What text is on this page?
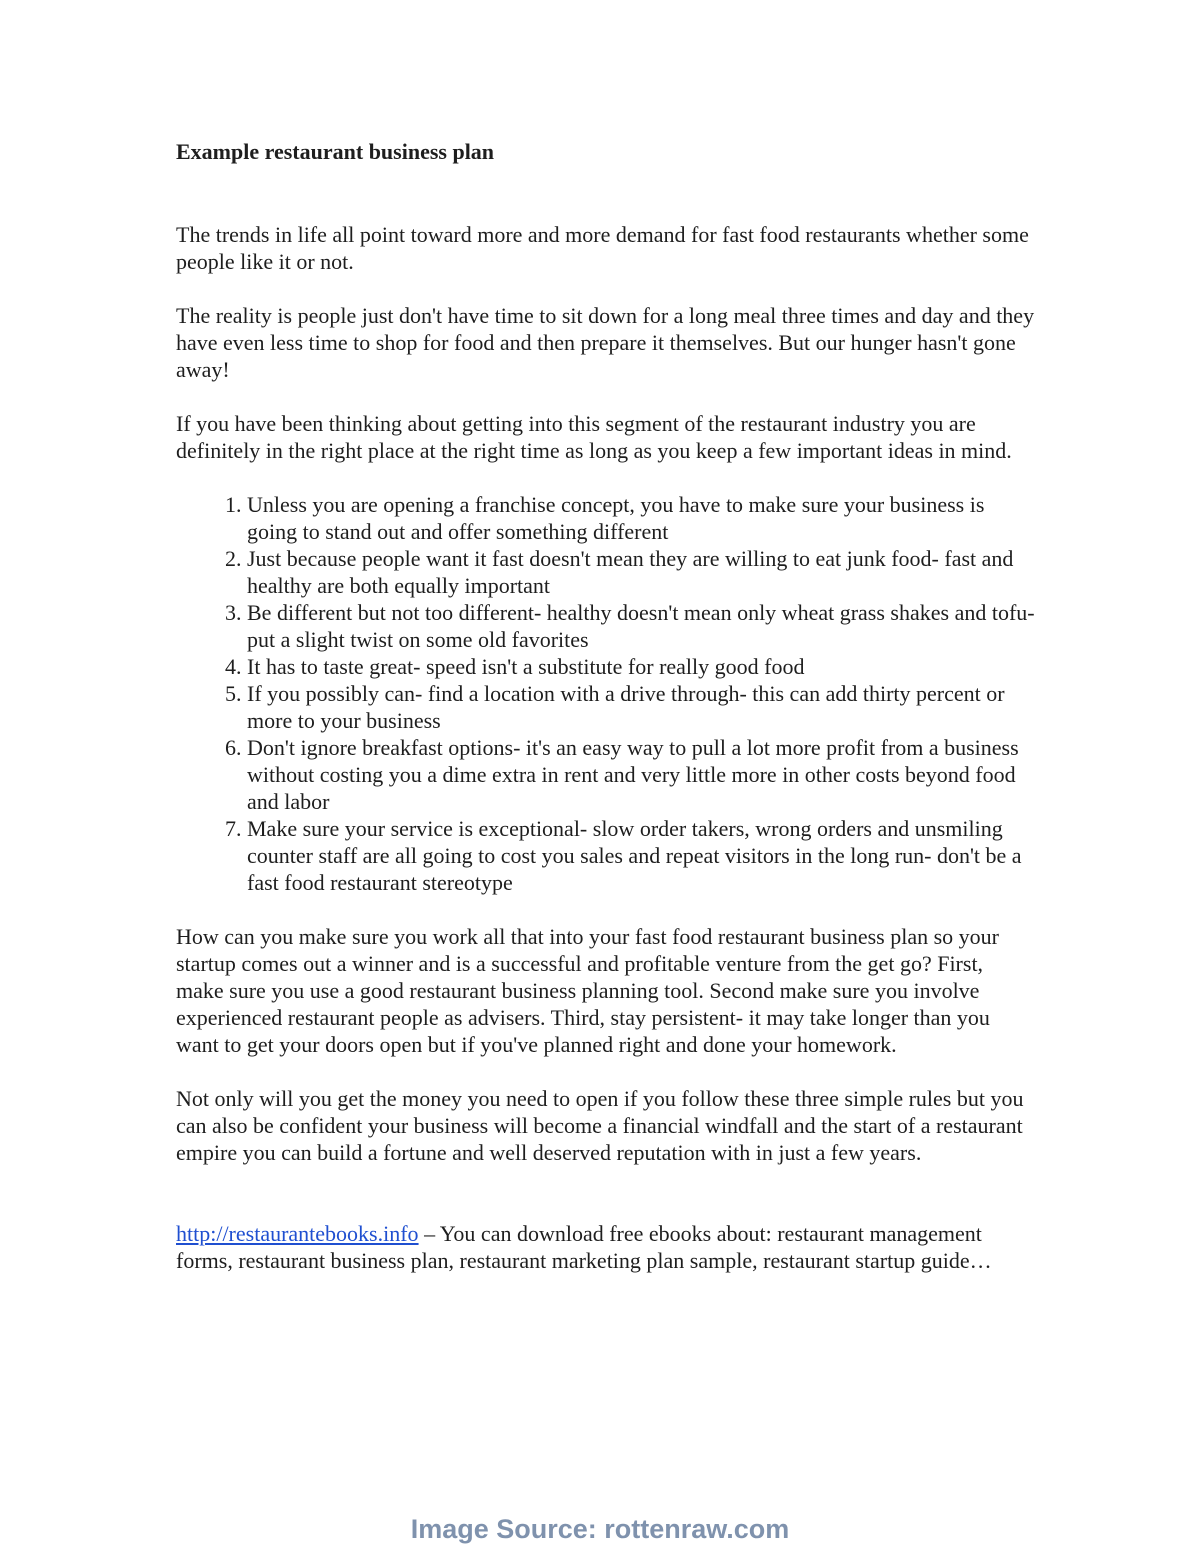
Example restaurant business plan

The trends in life all point toward more and more demand for fast food restaurants whether some people like it or not.

The reality is people just don't have time to sit down for a long meal three times and day and they have even less time to shop for food and then prepare it themselves. But our hunger hasn't gone away!

If you have been thinking about getting into this segment of the restaurant industry you are definitely in the right place at the right time as long as you keep a few important ideas in mind.

1. Unless you are opening a franchise concept, you have to make sure your business is going to stand out and offer something different
2. Just because people want it fast doesn't mean they are willing to eat junk food- fast and healthy are both equally important
3. Be different but not too different- healthy doesn't mean only wheat grass shakes and tofu- put a slight twist on some old favorites
4. It has to taste great- speed isn't a substitute for really good food
5. If you possibly can- find a location with a drive through- this can add thirty percent or more to your business
6. Don't ignore breakfast options- it's an easy way to pull a lot more profit from a business without costing you a dime extra in rent and very little more in other costs beyond food and labor
7. Make sure your service is exceptional- slow order takers, wrong orders and unsmiling counter staff are all going to cost you sales and repeat visitors in the long run- don't be a fast food restaurant stereotype

How can you make sure you work all that into your fast food restaurant business plan so your startup comes out a winner and is a successful and profitable venture from the get go? First, make sure you use a good restaurant business planning tool. Second make sure you involve experienced restaurant people as advisers. Third, stay persistent- it may take longer than you want to get your doors open but if you've planned right and done your homework.

Not only will you get the money you need to open if you follow these three simple rules but you can also be confident your business will become a financial windfall and the start of a restaurant empire you can build a fortune and well deserved reputation with in just a few years.

http://restaurantebooks.info – You can download free ebooks about: restaurant management forms, restaurant business plan, restaurant marketing plan sample, restaurant startup guide…

Image Source: rottenraw.com
